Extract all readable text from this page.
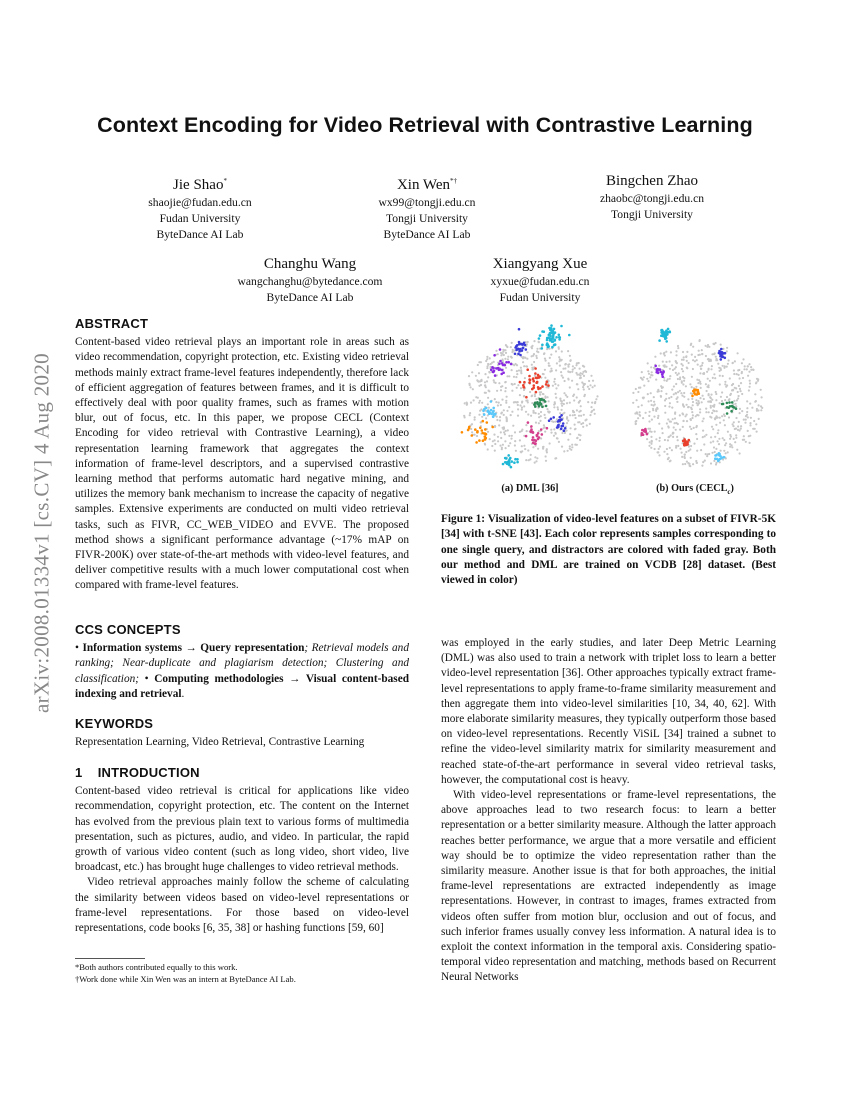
Context Encoding for Video Retrieval with Contrastive Learning
arXiv:2008.01334v1 [cs.CV] 4 Aug 2020
Jie Shao*
shaojie@fudan.edu.cn
Fudan University
ByteDance AI Lab
Xin Wen*†
wx99@tongji.edu.cn
Tongji University
ByteDance AI Lab
Bingchen Zhao
zhaobc@tongji.edu.cn
Tongji University
Changhu Wang
wangchanghu@bytedance.com
ByteDance AI Lab
Xiangyang Xue
xyxue@fudan.edu.cn
Fudan University
ABSTRACT

Content-based video retrieval plays an important role in areas such as video recommendation, copyright protection, etc. Existing video retrieval methods mainly extract frame-level features independently, therefore lack of efficient aggregation of features between frames, and it is difficult to effectively deal with poor quality frames, such as frames with motion blur, out of focus, etc. In this paper, we propose CECL (Context Encoding for video retrieval with Contrastive Learning), a video representation learning framework that aggregates the context information of frame-level descriptors, and a supervised contrastive learning method that performs automatic hard negative mining, and utilizes the memory bank mechanism to increase the capacity of negative samples. Extensive experiments are conducted on multi video retrieval tasks, such as FIVR, CC_WEB_VIDEO and EVVE. The proposed method shows a significant performance advantage (~17% mAP on FIVR-200K) over state-of-the-art methods with video-level features, and deliver competitive results with a much lower computational cost when compared with frame-level features.

CCS CONCEPTS

• Information systems → Query representation; Retrieval models and ranking; Near-duplicate and plagiarism detection; Clustering and classification; • Computing methodologies → Visual content-based indexing and retrieval.

KEYWORDS

Representation Learning, Video Retrieval, Contrastive Learning

1 INTRODUCTION

Content-based video retrieval is critical for applications like video recommendation, copyright protection, etc. The content on the Internet has evolved from the previous plain text to various forms of multimedia presentation, such as pictures, audio, and video. In particular, the rapid growth of various video content (such as long video, short video, live broadcast, etc.) has brought huge challenges to video retrieval methods.

Video retrieval approaches mainly follow the scheme of calculating the similarity between videos based on video-level representations or frame-level representations. For those based on video-level representations, code books [6, 35, 38] or hashing functions [59, 60]

*Both authors contributed equally to this work.
†Work done while Xin Wen was an intern at ByteDance AI Lab.
(a) DML [36]	(b) Ours $(CECL_c)$
Figure 1: Visualization of video-level features on a subset of FIVR-5K [34] with t-SNE [43]. Each color represents samples corresponding to one single query, and distractors are colored with faded gray. Both our method and DML are trained on VCDB [28] dataset. (Best viewed in color)

was employed in the early studies, and later Deep Metric Learning (DML) was also used to train a network with triplet loss to learn a better video-level representation [36]. Other approaches typically extract frame-level representations to apply frame-to-frame similarity measurement and then aggregate them into video-level similarities [10, 34, 40, 62]. With more elaborate similarity measures, they typically outperform those based on video-level representations. Recently ViSiL [34] trained a subnet to refine the video-level similarity matrix for similarity measurement and reached state-of-the-art performance in several video retrieval tasks, however, the computational cost is heavy.

With video-level representations or frame-level representations, the above approaches lead to two research focus: to learn a better representation or a better similarity measure. Although the latter approach reaches better performance, we argue that a more versatile and efficient way should be to optimize the video representation rather than the similarity measure. Another issue is that for both approaches, the initial frame-level representations are extracted independently as image representations. However, in contrast to images, frames extracted from videos often suffer from motion blur, occlusion and out of focus, and such inferior frames usually convey less information. A natural idea is to exploit the context information in the temporal axis. Considering spatio-temporal video representation and matching, methods based on Recurrent Neural Networks
